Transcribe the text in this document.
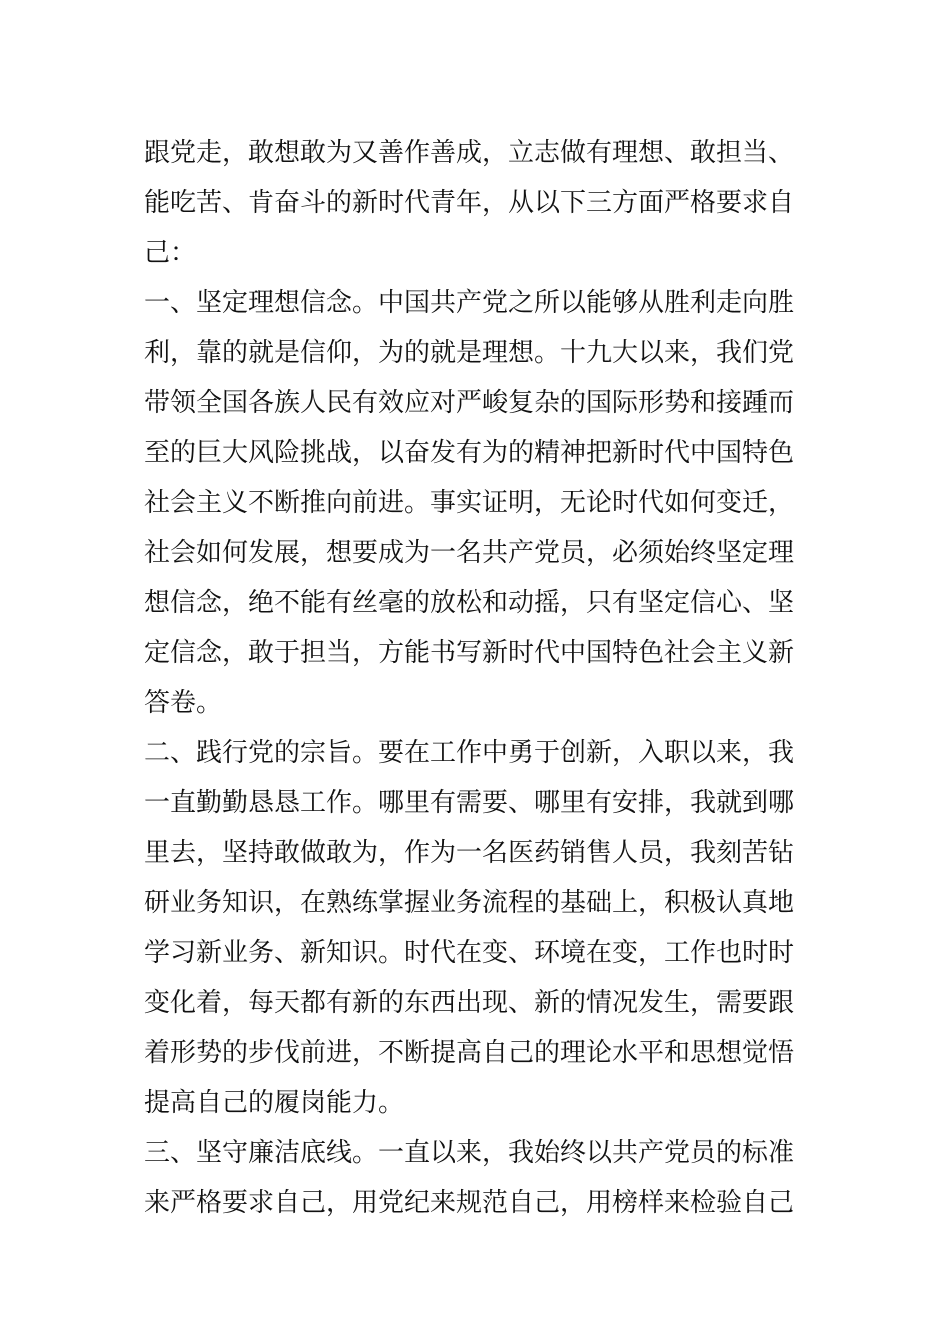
跟党走，敢想敢为又善作善成，立志做有理想、敢担当、
能吃苦、肯奋斗的新时代青年，从以下三方面严格要求自
己：
一、坚定理想信念。中国共产党之所以能够从胜利走向胜
利，靠的就是信仰，为的就是理想。十九大以来，我们党
带领全国各族人民有效应对严峻复杂的国际形势和接踵而
至的巨大风险挑战，以奋发有为的精神把新时代中国特色
社会主义不断推向前进。事实证明，无论时代如何变迁，
社会如何发展，想要成为一名共产党员，必须始终坚定理
想信念，绝不能有丝毫的放松和动摇，只有坚定信心、坚
定信念，敢于担当，方能书写新时代中国特色社会主义新
答卷。
二、践行党的宗旨。要在工作中勇于创新，入职以来，我
一直勤勤恳恳工作。哪里有需要、哪里有安排，我就到哪
里去，坚持敢做敢为，作为一名医药销售人员，我刻苦钻
研业务知识，在熟练掌握业务流程的基础上，积极认真地
学习新业务、新知识。时代在变、环境在变，工作也时时
变化着，每天都有新的东西出现、新的情况发生，需要跟
着形势的步伐前进，不断提高自己的理论水平和思想觉悟
提高自己的履岗能力。
三、坚守廉洁底线。一直以来，我始终以共产党员的标准
来严格要求自己，用党纪来规范自己，用榜样来检验自己
